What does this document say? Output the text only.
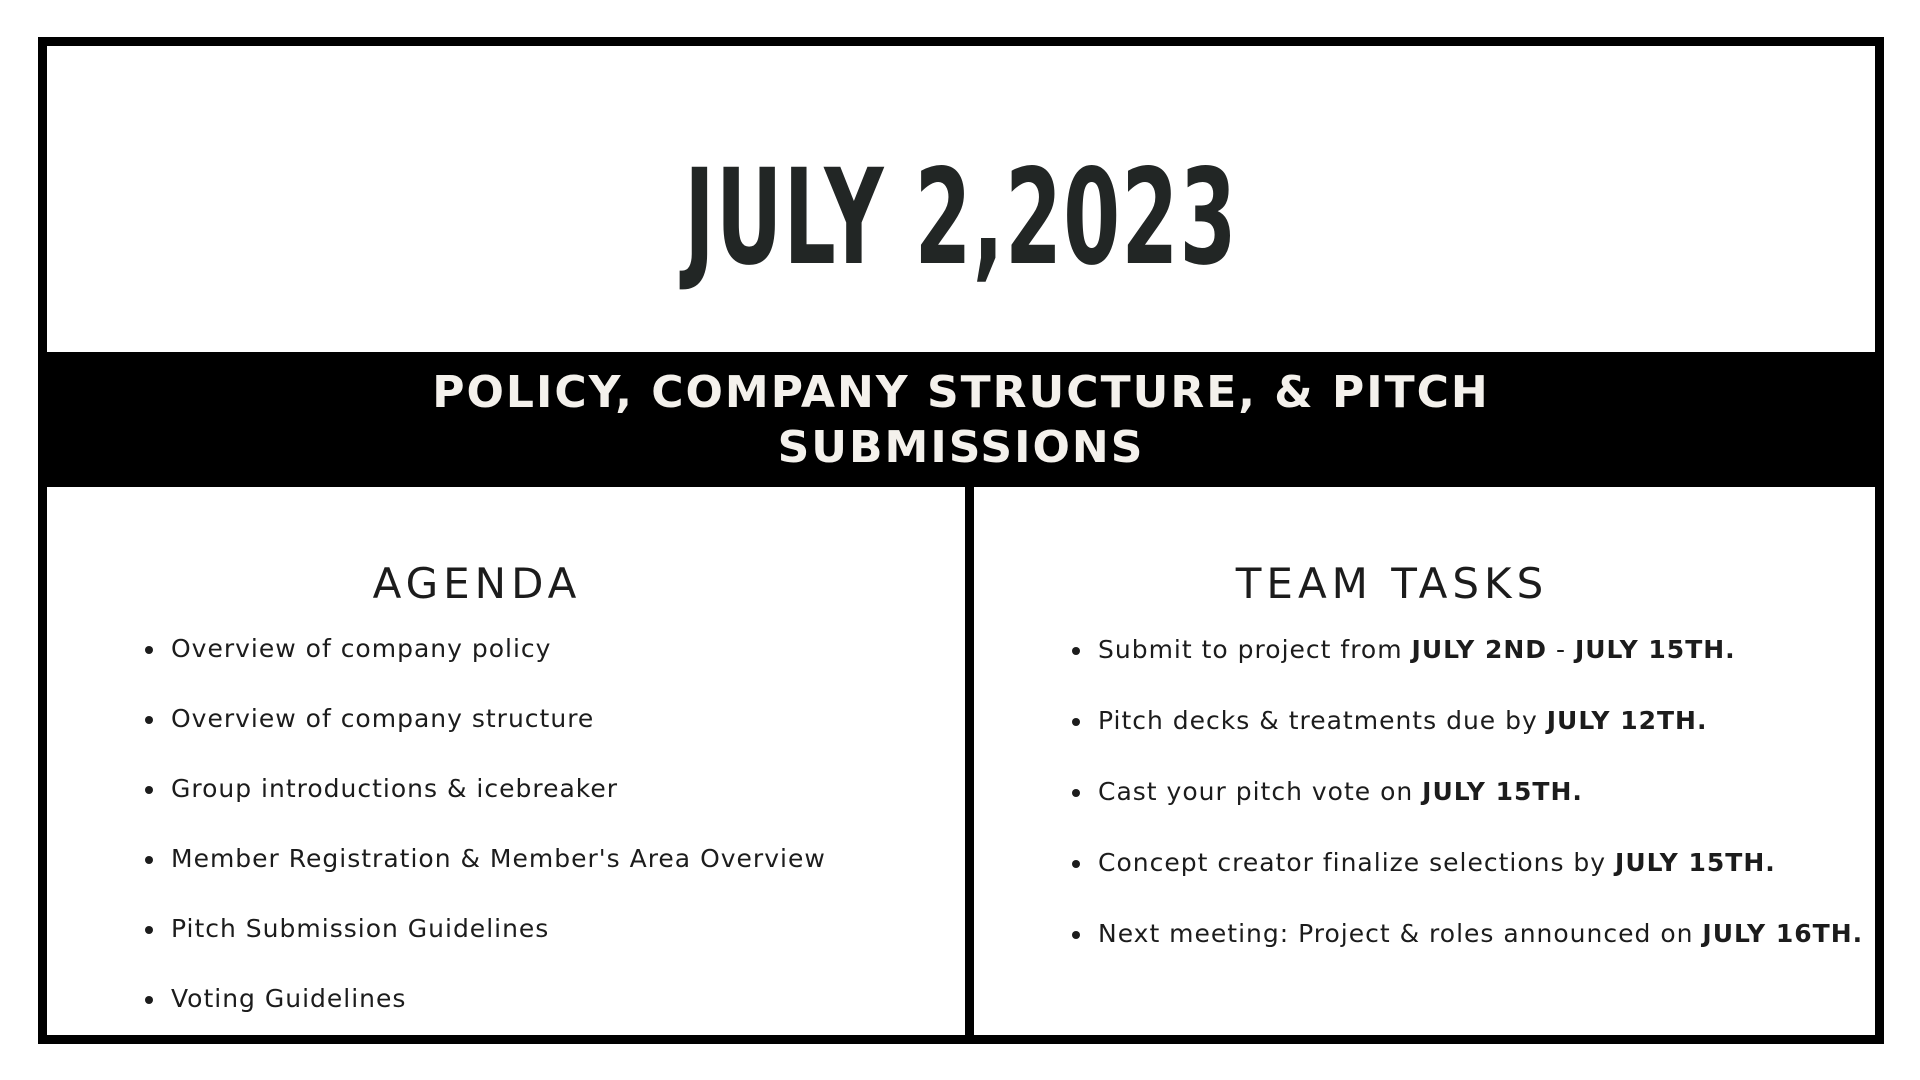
JULY 2,2023
POLICY, COMPANY STRUCTURE, & PITCH
SUBMISSIONS
AGENDA
Overview of company policy
Overview of company structure
Group introductions & icebreaker
Member Registration & Member's Area Overview
Pitch Submission Guidelines
Voting Guidelines
TEAM TASKS
Submit to project from JULY 2ND - JULY 15TH.
Pitch decks & treatments due by JULY 12TH.
Cast your pitch vote on JULY 15TH.
Concept creator finalize selections by JULY 15TH.
Next meeting: Project & roles announced on JULY 16TH.
